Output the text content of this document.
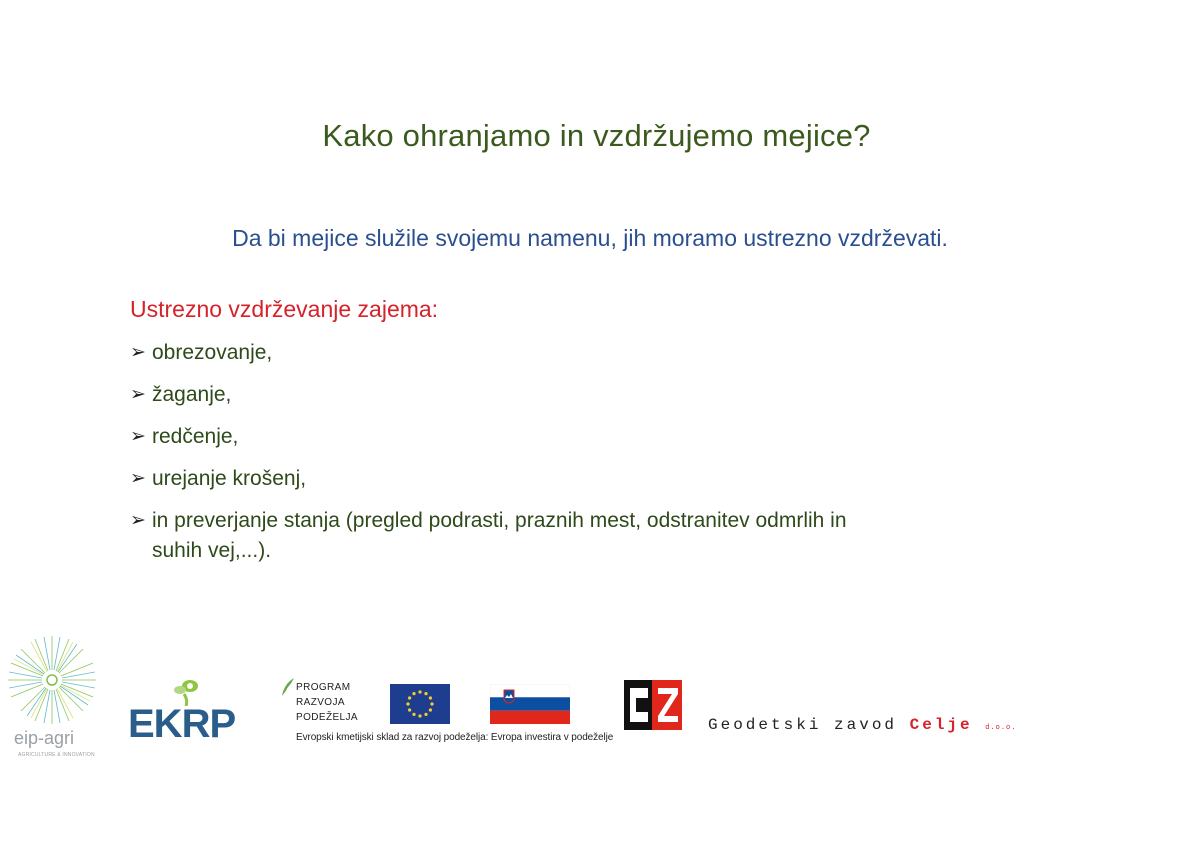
Kako ohranjamo in vzdržujemo mejice?
Da bi mejice služile svojemu namenu, jih moramo ustrezno vzdrževati.
Ustrezno vzdrževanje zajema:
➢ obrezovanje,
➢ žaganje,
➢ redčenje,
➢ urejanje krošenj,
➢ in preverjanje stanja (pregled podrasti, praznih mest, odstranitev odmrlih in
suhih vej,...).
eip-agri
AGRICULTURE & INNOVATION
EKRP
PROGRAM
RAZVOJA
PODEŽELJA
Evropski kmetijski sklad za razvoj podeželja: Evropa investira v podeželje
Geodetski zavod Celje d.o.o.
